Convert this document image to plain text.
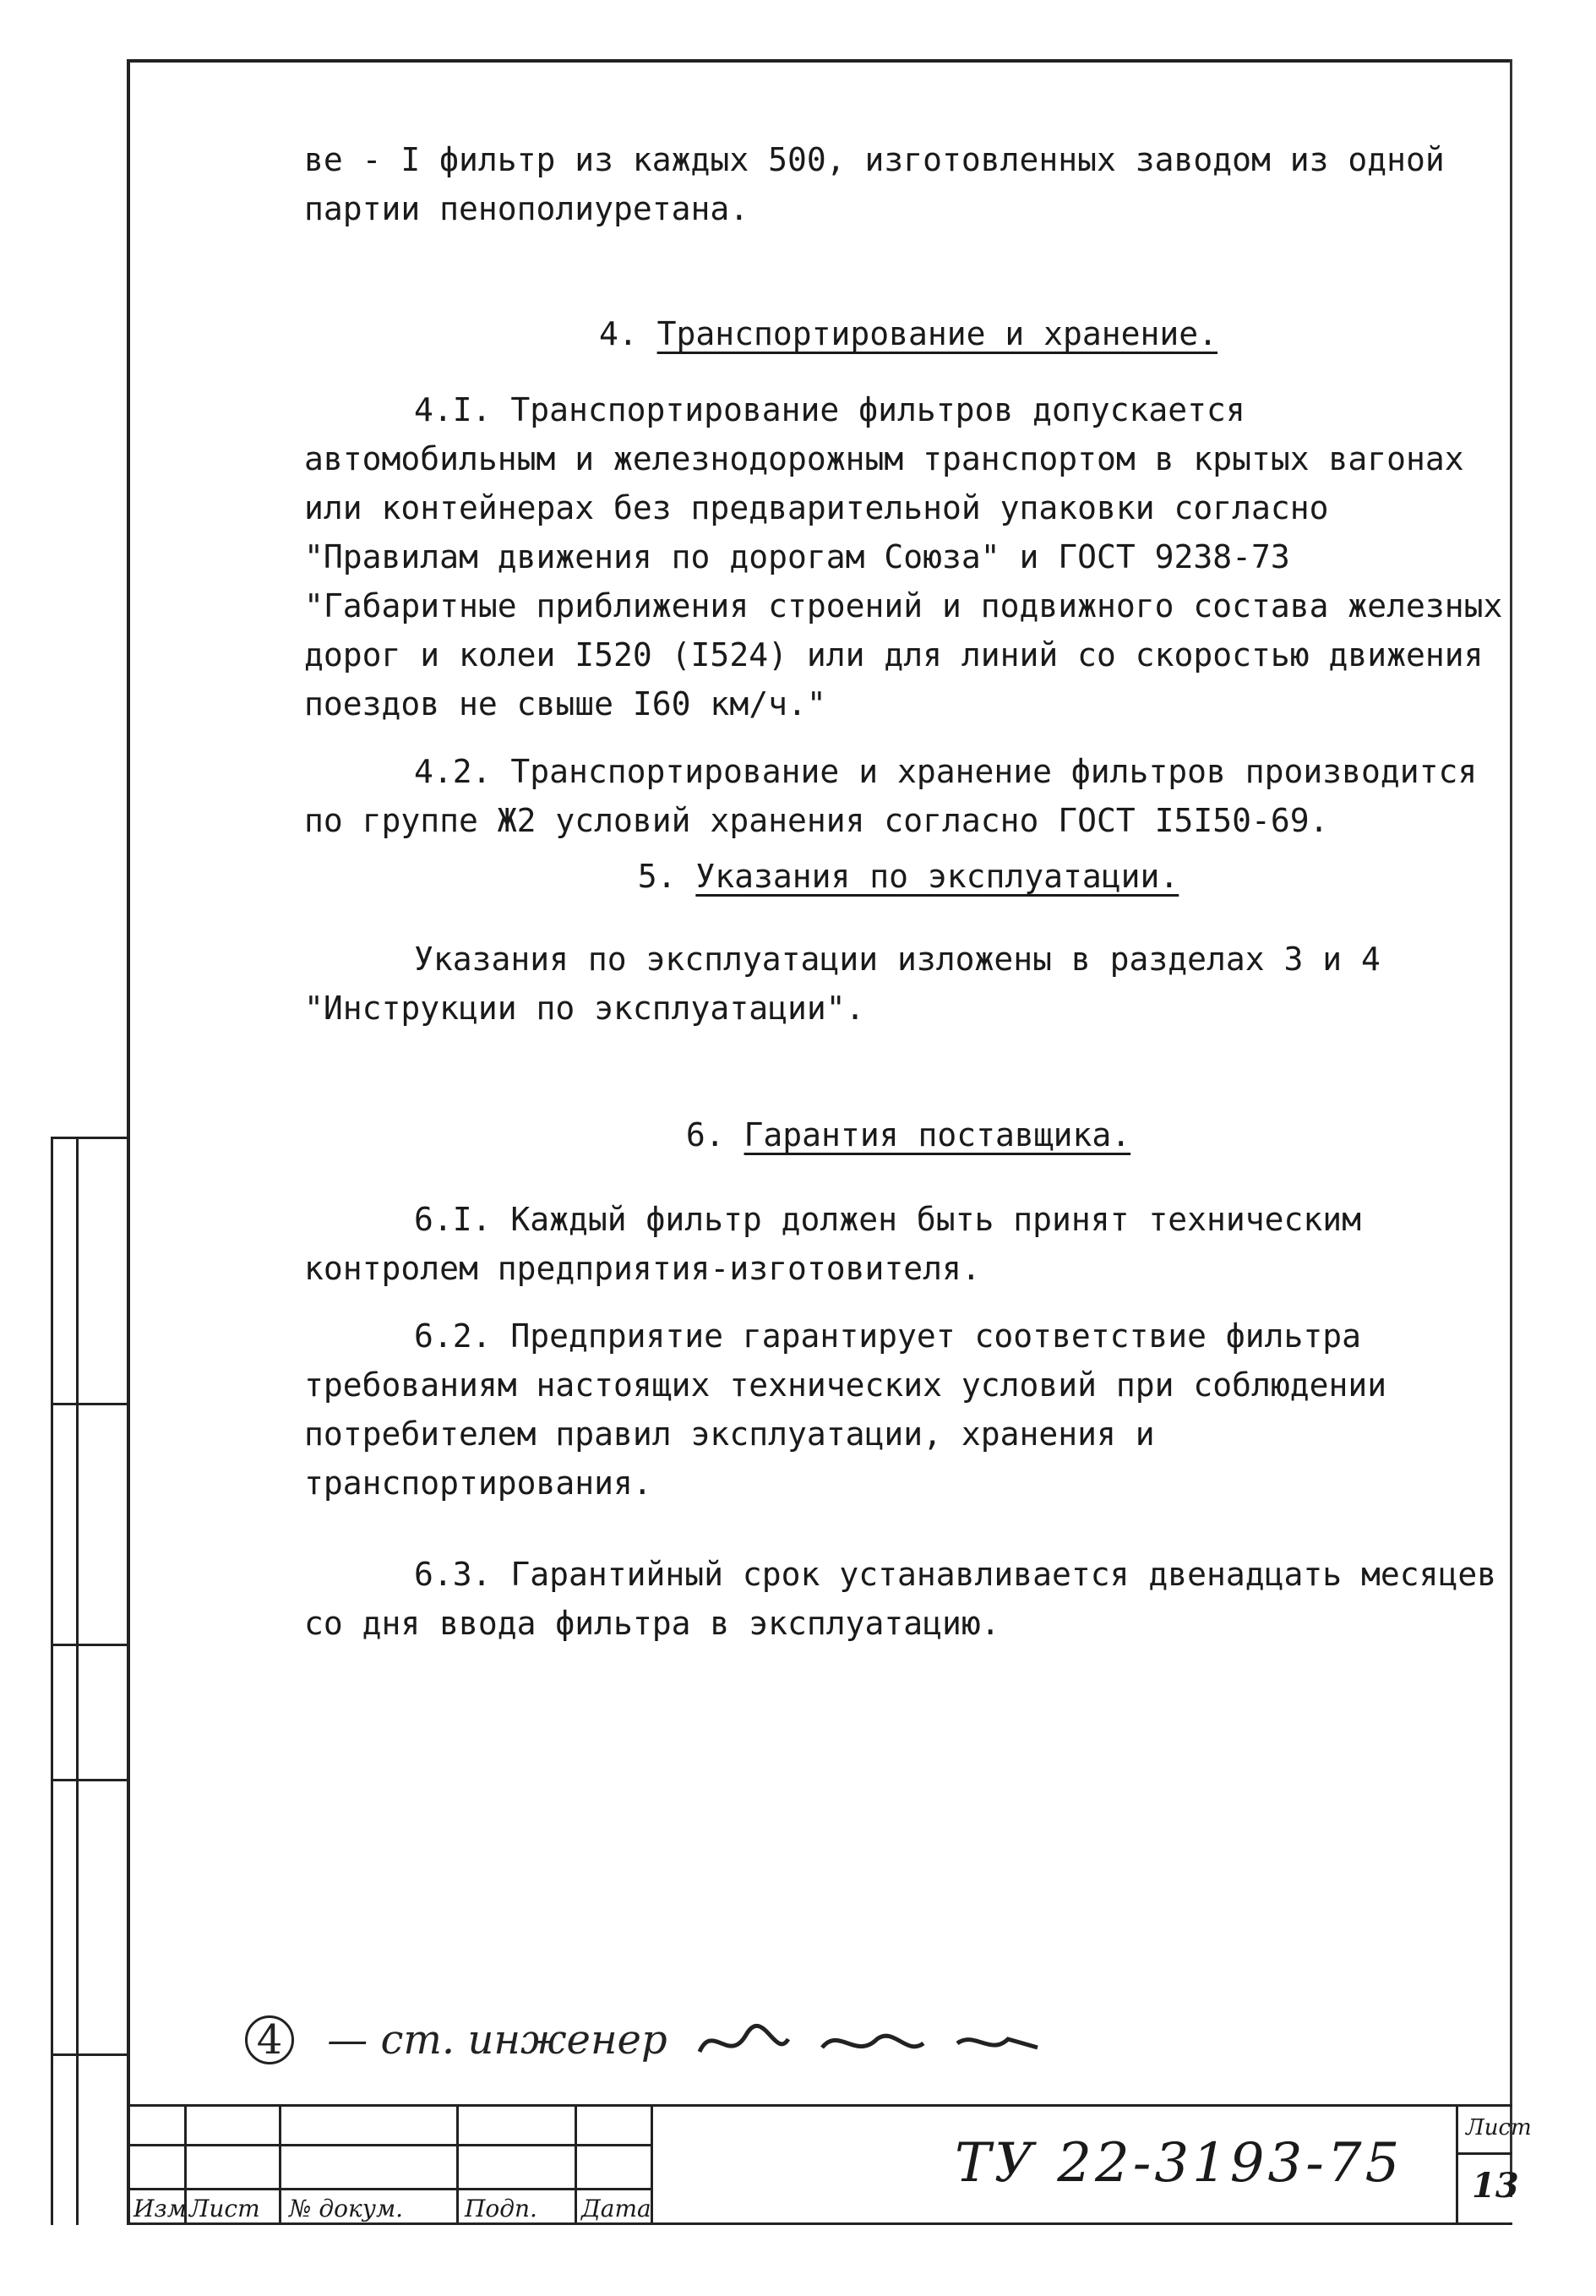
ве - I фильтр из каждых 500, изготовленных заводом из одной

партии пенополиуретана.

4. Транспортирование и хранение.

4.I. Транспортирование фильтров допускается автомобильным и железнодорожным транспортом в крытых вагонах или контейнерах без предварительной упаковки согласно "Правилам движения по дорогам Союза" и ГОСТ 9238-73 "Габаритные приближения строений и подвижного состава железных дорог и колеи I520 (I524) или для линий со скоростью движения поездов не свыше I60 км/ч."

4.2. Транспортирование и хранение фильтров производится по группе Ж2 условий хранения согласно ГОСТ I5I50-69.

5. Указания по эксплуатации.

Указания по эксплуатации изложены в разделах 3 и 4 "Инструкции по эксплуатации".

6. Гарантия поставщика.

6.I. Каждый фильтр должен быть принят техническим контролем предприятия-изготовителя.

6.2. Предприятие гарантирует соответствие фильтра требованиям настоящих технических условий при соблюдении потребителем правил эксплуатации, хранения и транспортирования.

6.3. Гарантийный срок устанавливается двенадцать месяцев со дня ввода фильтра в эксплуатацию.

4 — ст. инженер
Изм Лист № докум.	Подп. Дата
ТУ 22-3193-75
Лист
13
